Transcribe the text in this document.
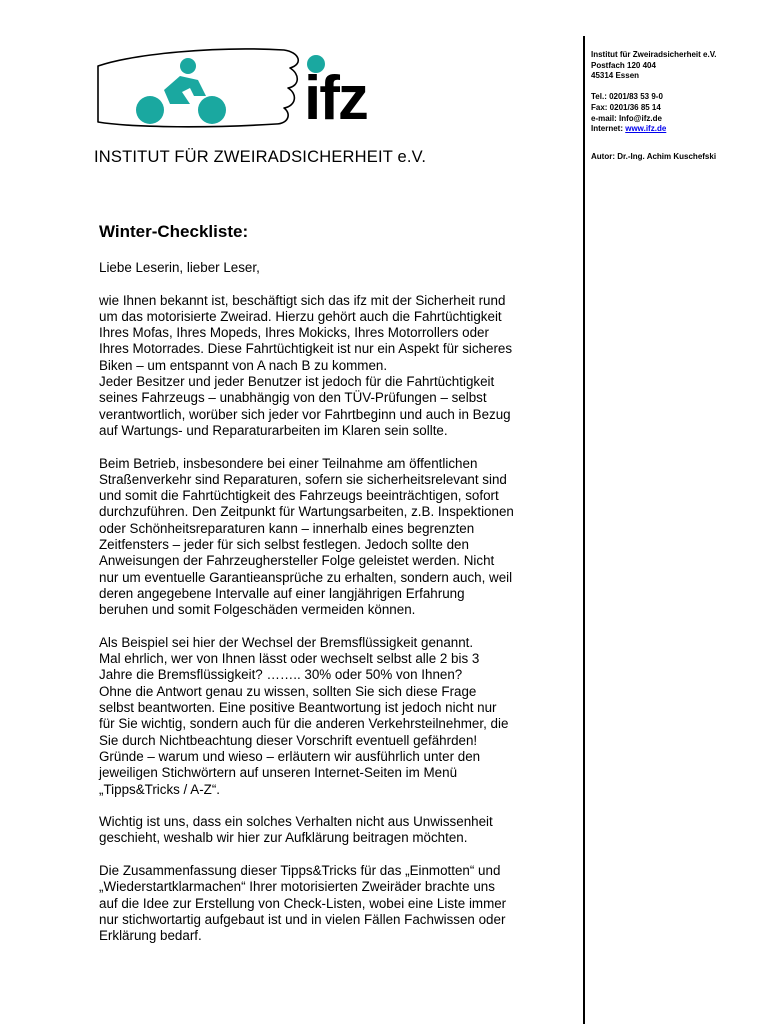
ifz
INSTITUT FÜR ZWEIRADSICHERHEIT e.V.
Institut für Zweiradsicherheit e.V.
Postfach 120 404
45314 Essen
Tel.: 0201/83 53 9-0
Fax: 0201/36 85 14
e-mail: Info@ifz.de
Internet: www.ifz.de
Autor: Dr.-Ing. Achim Kuschefski
Winter-Checkliste:

Liebe Leserin, lieber Leser,

wie Ihnen bekannt ist, beschäftigt sich das ifz mit der Sicherheit rund
um das motorisierte Zweirad. Hierzu gehört auch die Fahrtüchtigkeit
Ihres Mofas, Ihres Mopeds, Ihres Mokicks, Ihres Motorrollers oder
Ihres Motorrades. Diese Fahrtüchtigkeit ist nur ein Aspekt für sicheres
Biken – um entspannt von A nach B zu kommen.
Jeder Besitzer und jeder Benutzer ist jedoch für die Fahrtüchtigkeit
seines Fahrzeugs – unabhängig von den TÜV-Prüfungen – selbst
verantwortlich, worüber sich jeder vor Fahrtbeginn und auch in Bezug
auf Wartungs- und Reparaturarbeiten im Klaren sein sollte.

Beim Betrieb, insbesondere bei einer Teilnahme am öffentlichen
Straßenverkehr sind Reparaturen, sofern sie sicherheitsrelevant sind
und somit die Fahrtüchtigkeit des Fahrzeugs beeinträchtigen, sofort
durchzuführen. Den Zeitpunkt für Wartungsarbeiten, z.B. Inspektionen
oder Schönheitsreparaturen kann – innerhalb eines begrenzten
Zeitfensters – jeder für sich selbst festlegen. Jedoch sollte den
Anweisungen der Fahrzeughersteller Folge geleistet werden. Nicht
nur um eventuelle Garantieansprüche zu erhalten, sondern auch, weil
deren angegebene Intervalle auf einer langjährigen Erfahrung
beruhen und somit Folgeschäden vermeiden können.

Als Beispiel sei hier der Wechsel der Bremsflüssigkeit genannt.
Mal ehrlich, wer von Ihnen lässt oder wechselt selbst alle 2 bis 3
Jahre die Bremsflüssigkeit? …….. 30% oder 50% von Ihnen?
Ohne die Antwort genau zu wissen, sollten Sie sich diese Frage
selbst beantworten. Eine positive Beantwortung ist jedoch nicht nur
für Sie wichtig, sondern auch für die anderen Verkehrsteilnehmer, die
Sie durch Nichtbeachtung dieser Vorschrift eventuell gefährden!
Gründe – warum und wieso – erläutern wir ausführlich unter den
jeweiligen Stichwörtern auf unseren Internet-Seiten im Menü
„Tipps&Tricks / A-Z“.

Wichtig ist uns, dass ein solches Verhalten nicht aus Unwissenheit
geschieht, weshalb wir hier zur Aufklärung beitragen möchten.

Die Zusammenfassung dieser Tipps&Tricks für das „Einmotten“ und
„Wiederstartklarmachen“ Ihrer motorisierten Zweiräder brachte uns
auf die Idee zur Erstellung von Check-Listen, wobei eine Liste immer
nur stichwortartig aufgebaut ist und in vielen Fällen Fachwissen oder
Erklärung bedarf.
